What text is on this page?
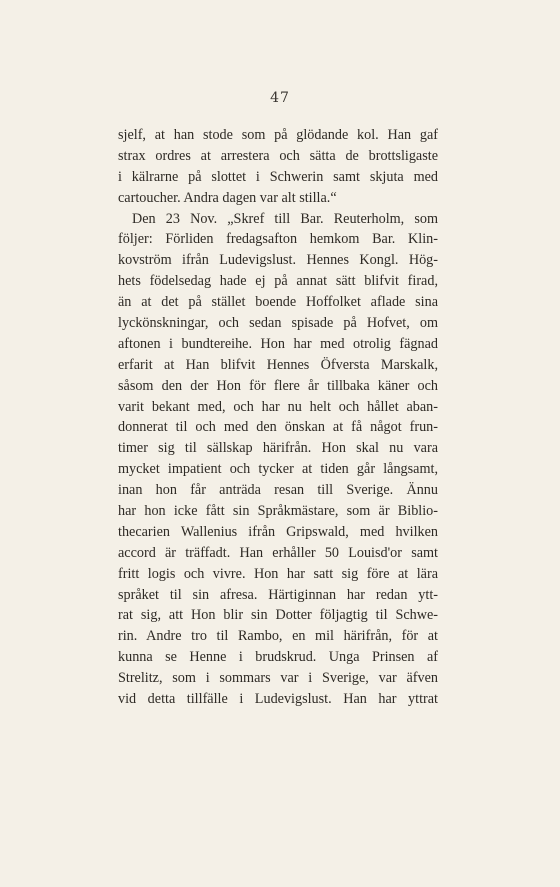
47
sjelf, at han stode som på glödande kol. Han gaf
strax ordres at arrestera och sätta de brottsligaste
i kälrarne på slottet i Schwerin samt skjuta med
cartoucher. Andra dagen var alt stilla.“
Den 23 Nov. „Skref till Bar. Reuterholm, som
följer: Förliden fredagsafton hemkom Bar. Klin-
kovström ifrån Ludevigslust. Hennes Kongl. Hög-
hets födelsedag hade ej på annat sätt blifvit firad,
än at det på stället boende Hoffolket aflade sina
lyckönskningar, och sedan spisade på Hofvet, om
aftonen i bundtereihe. Hon har med otrolig fägnad
erfarit at Han blifvit Hennes Öfversta Marskalk,
såsom den der Hon för flere år tillbaka käner och
varit bekant med, och har nu helt och hållet aban-
donnerat til och med den önskan at få något frun-
timer sig til sällskap härifrån. Hon skal nu vara
mycket impatient och tycker at tiden går långsamt,
inan hon får anträda resan till Sverige. Ännu
har hon icke fått sin Språkmästare, som är Biblio-
thecarien Wallenius ifrån Gripswald, med hvilken
accord är träffadt. Han erhåller 50 Louisd'or samt
fritt logis och vivre. Hon har satt sig före at lära
språket til sin afresa. Härtiginnan har redan ytt-
rat sig, att Hon blir sin Dotter följagtig til Schwe-
rin. Andre tro til Rambo, en mil härifrån, för at
kunna se Henne i brudskrud. Unga Prinsen af
Strelitz, som i sommars var i Sverige, var äfven
vid detta tillfälle i Ludevigslust. Han har yttrat
